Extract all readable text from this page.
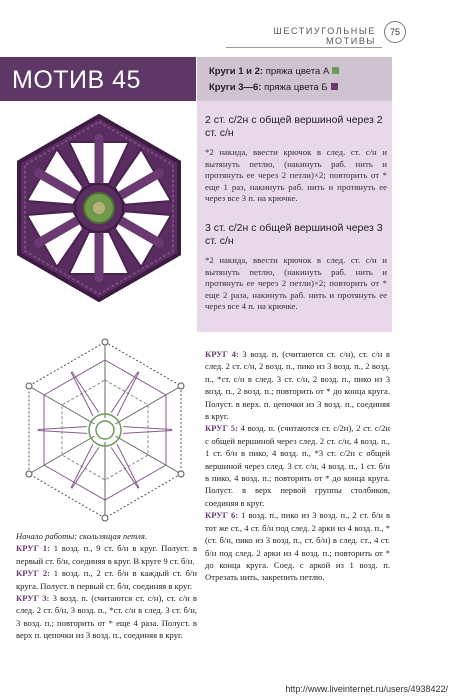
ШЕСТИУГОЛЬНЫЕ МОТИВЫ
75
МОТИВ 45	Круги 1 и 2: пряжа цвета А
Круги 3—6: пряжа цвета Б
2 ст. с/2н с общей вершиной через 2 ст. с/н
*2 накида, ввести крючок в след. ст. с/н и вытянуть петлю, (накинуть раб. нить и протянуть ее через 2 петли)×2; повторить от * еще 1 раз, накинуть раб. нить и протянуть ее через все 3 п. на крючке.
3 ст. с/2н с общей вершиной через 3 ст. с/н
*2 накида, ввести крючок в след. ст. с/н и вытянуть петлю, (накинуть раб. нить и протянуть ее через 2 петли)×2; повторить от * еще 2 раза, накинуть раб. нить и протянуть ее через все 4 п. на крючке.

Начало работы: скользящая петля.

КРУГ 1: 1 возд. п., 9 ст. б/н в круг. Полуст. в первый ст. б/н, соединяя в круг. В круге 9 ст. б/н.

КРУГ 2: 1 возд. п., 2 ст. б/н в каждый ст. б/н круга. Полуст. в первый ст. б/н, соединяя в круг.

КРУГ 3: 3 возд. п. (считаются ст. с/н), ст. с/н в след. 2 ст. б/н, 3 возд. п., *ст. с/н в след. 3 ст. б/н, 3 возд. п.; повторить от * еще 4 раза. Полуст. в верх п. цепочки из 3 возд. п., соединяя в круг.

КРУГ 4: 3 возд. п. (считаются ст. с/н), ст. с/н в след. 2 ст. с/н, 2 возд. п., пико из 3 возд. п., 2 возд. п., *ст. с/н в след. 3 ст. с/н, 2 возд. п., пико из 3 возд. п., 2 возд. п.; повторить от * до конца круга. Полуст. в верх. п. цепочки из 3 возд. п., соединяя в круг.

КРУГ 5: 4 возд. п. (считаются ст. с/2н), 2 ст. с/2н с общей вершиной через след. 2 ст. с/н, 4 возд. п., 1 ст. б/н в пико, 4 возд. п., *3 ст. с/2н с общей вершиной через след. 3 ст. с/н, 4 возд. п., 1 ст. б/н в пико, 4 возд. п.; повторить от * до конца круга. Полуст. в верх первой группы столбиков, соединяя в круг.

КРУГ 6: 1 возд. п., пико из 3 возд. п., 2 ст. б/н в тот же ст., 4 ст. б/н под след. 2 арки из 4 возд. п., *(ст. б/н, пико из 3 возд. п., ст. б/н) в след. ст., 4 ст. б/н под след. 2 арки из 4 возд. п.; повторить от * до конца круга. Соед. с аркой из 1 возд. п. Отрезать нить, закрепить петлю.

http://www.liveinternet.ru/users/4938422/
